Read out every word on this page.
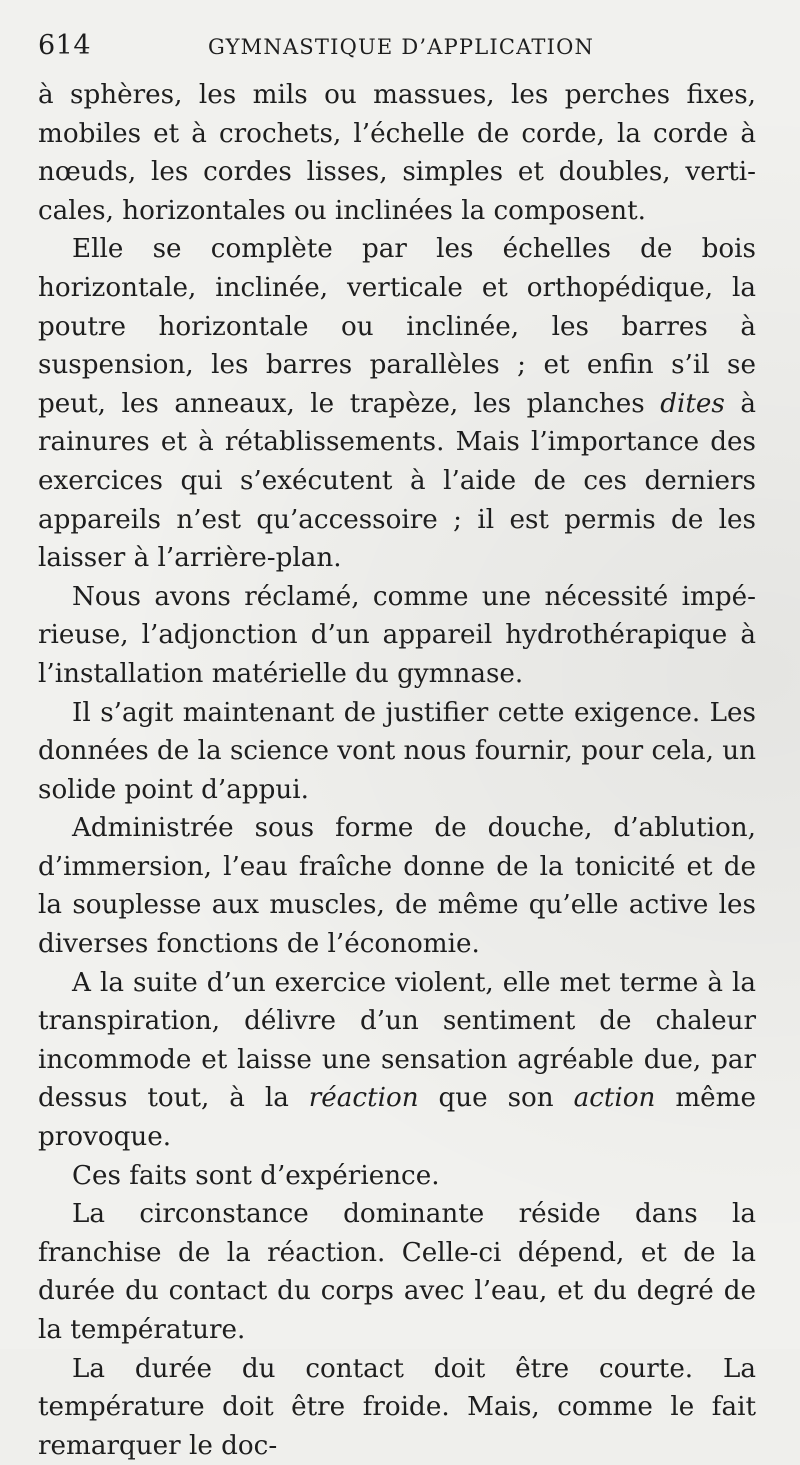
614	GYMNASTIQUE D’APPLICATION

à sphères, les mils ou massues, les perches fixes, mobiles et à crochets, l’échelle de corde, la corde à nœuds, les cordes lisses, simples et doubles, verticales, horizontales ou inclinées la composent.

Elle se complète par les échelles de bois horizontale, inclinée, verticale et orthopédique, la poutre horizontale ou inclinée, les barres à suspension, les barres parallèles ; et enfin s’il se peut, les anneaux, le trapèze, les planches dites à rainures et à rétablissements. Mais l’importance des exercices qui s’exécutent à l’aide de ces derniers appareils n’est qu’accessoire ; il est permis de les laisser à l’arrière-plan.

Nous avons réclamé, comme une nécessité impérieuse, l’adjonction d’un appareil hydrothérapique à l’installation matérielle du gymnase.

Il s’agit maintenant de justifier cette exigence. Les données de la science vont nous fournir, pour cela, un solide point d’appui.

Administrée sous forme de douche, d’ablution, d’immersion, l’eau fraîche donne de la tonicité et de la souplesse aux muscles, de même qu’elle active les diverses fonctions de l’économie.

A la suite d’un exercice violent, elle met terme à la transpiration, délivre d’un sentiment de chaleur incommode et laisse une sensation agréable due, par dessus tout, à la réaction que son action même provoque.

Ces faits sont d’expérience.

La circonstance dominante réside dans la franchise de la réaction. Celle-ci dépend, et de la durée du contact du corps avec l’eau, et du degré de la température.

La durée du contact doit être courte. La température doit être froide. Mais, comme le fait remarquer le doc-
